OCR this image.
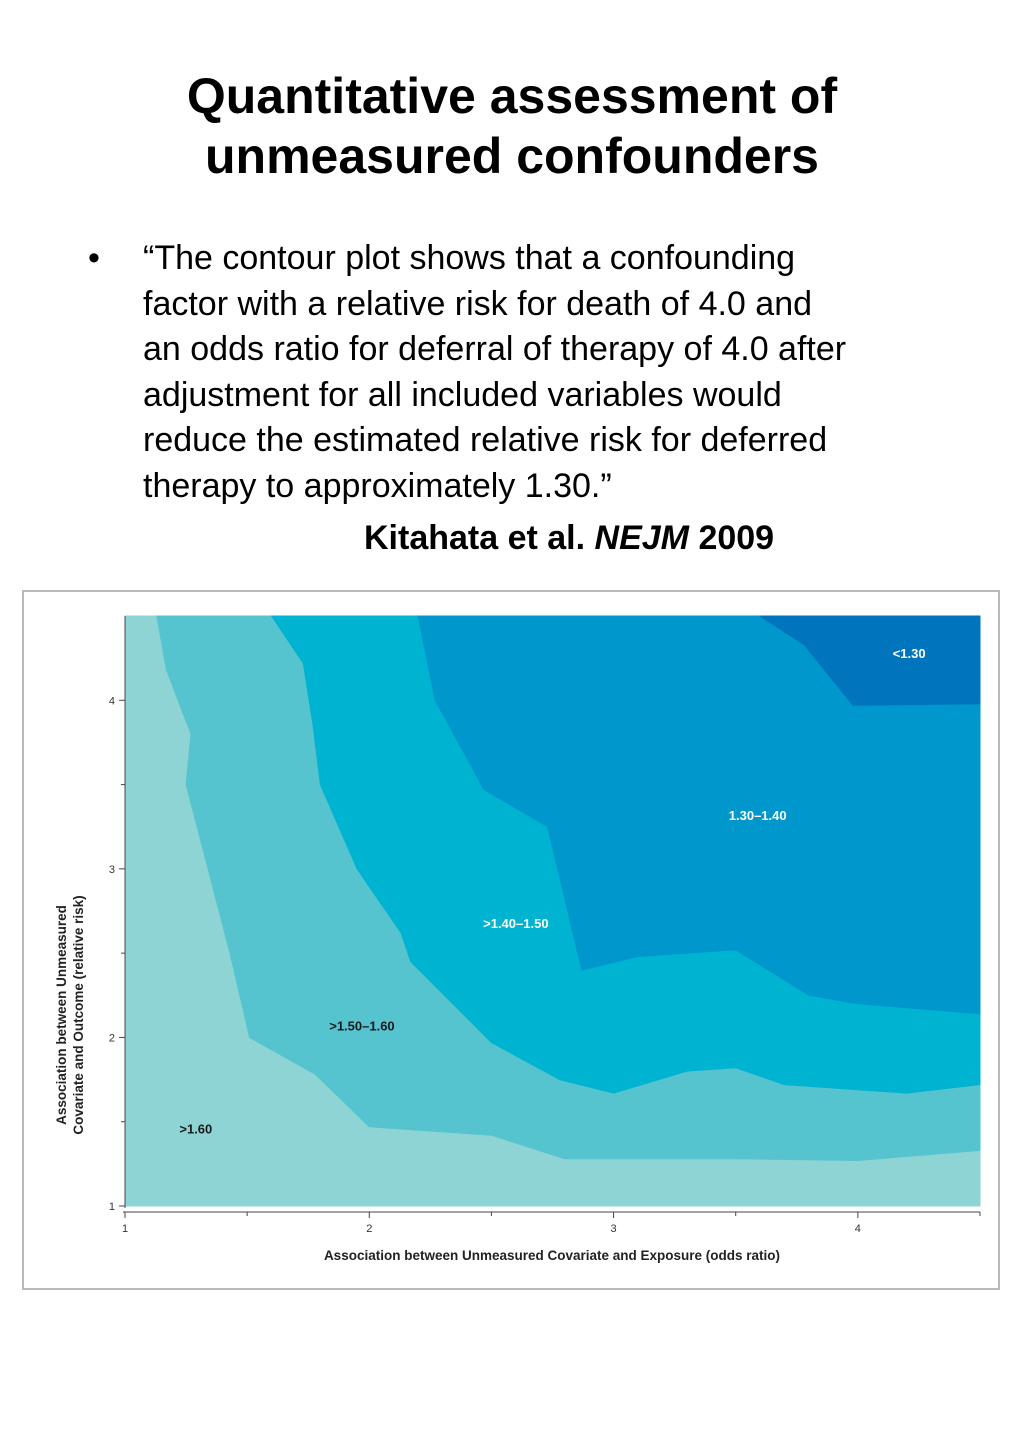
Quantitative assessment of
unmeasured confounders
• “The contour plot shows that a confounding
factor with a relative risk for death of 4.0 and
an odds ratio for deferral of therapy of 4.0 after
adjustment for all included variables would
reduce the estimated relative risk for deferred
therapy to approximately 1.30.”
Kitahata et al. NEJM 2009
>1.60
>1.50–1.60
>1.40–1.50
1.30–1.40
<1.30
1	2	3	4
1
2
3
4
Association between Unmeasured Covariate and Exposure (odds ratio)
Association between Unmeasured Covariate and Outcome (relative risk)
